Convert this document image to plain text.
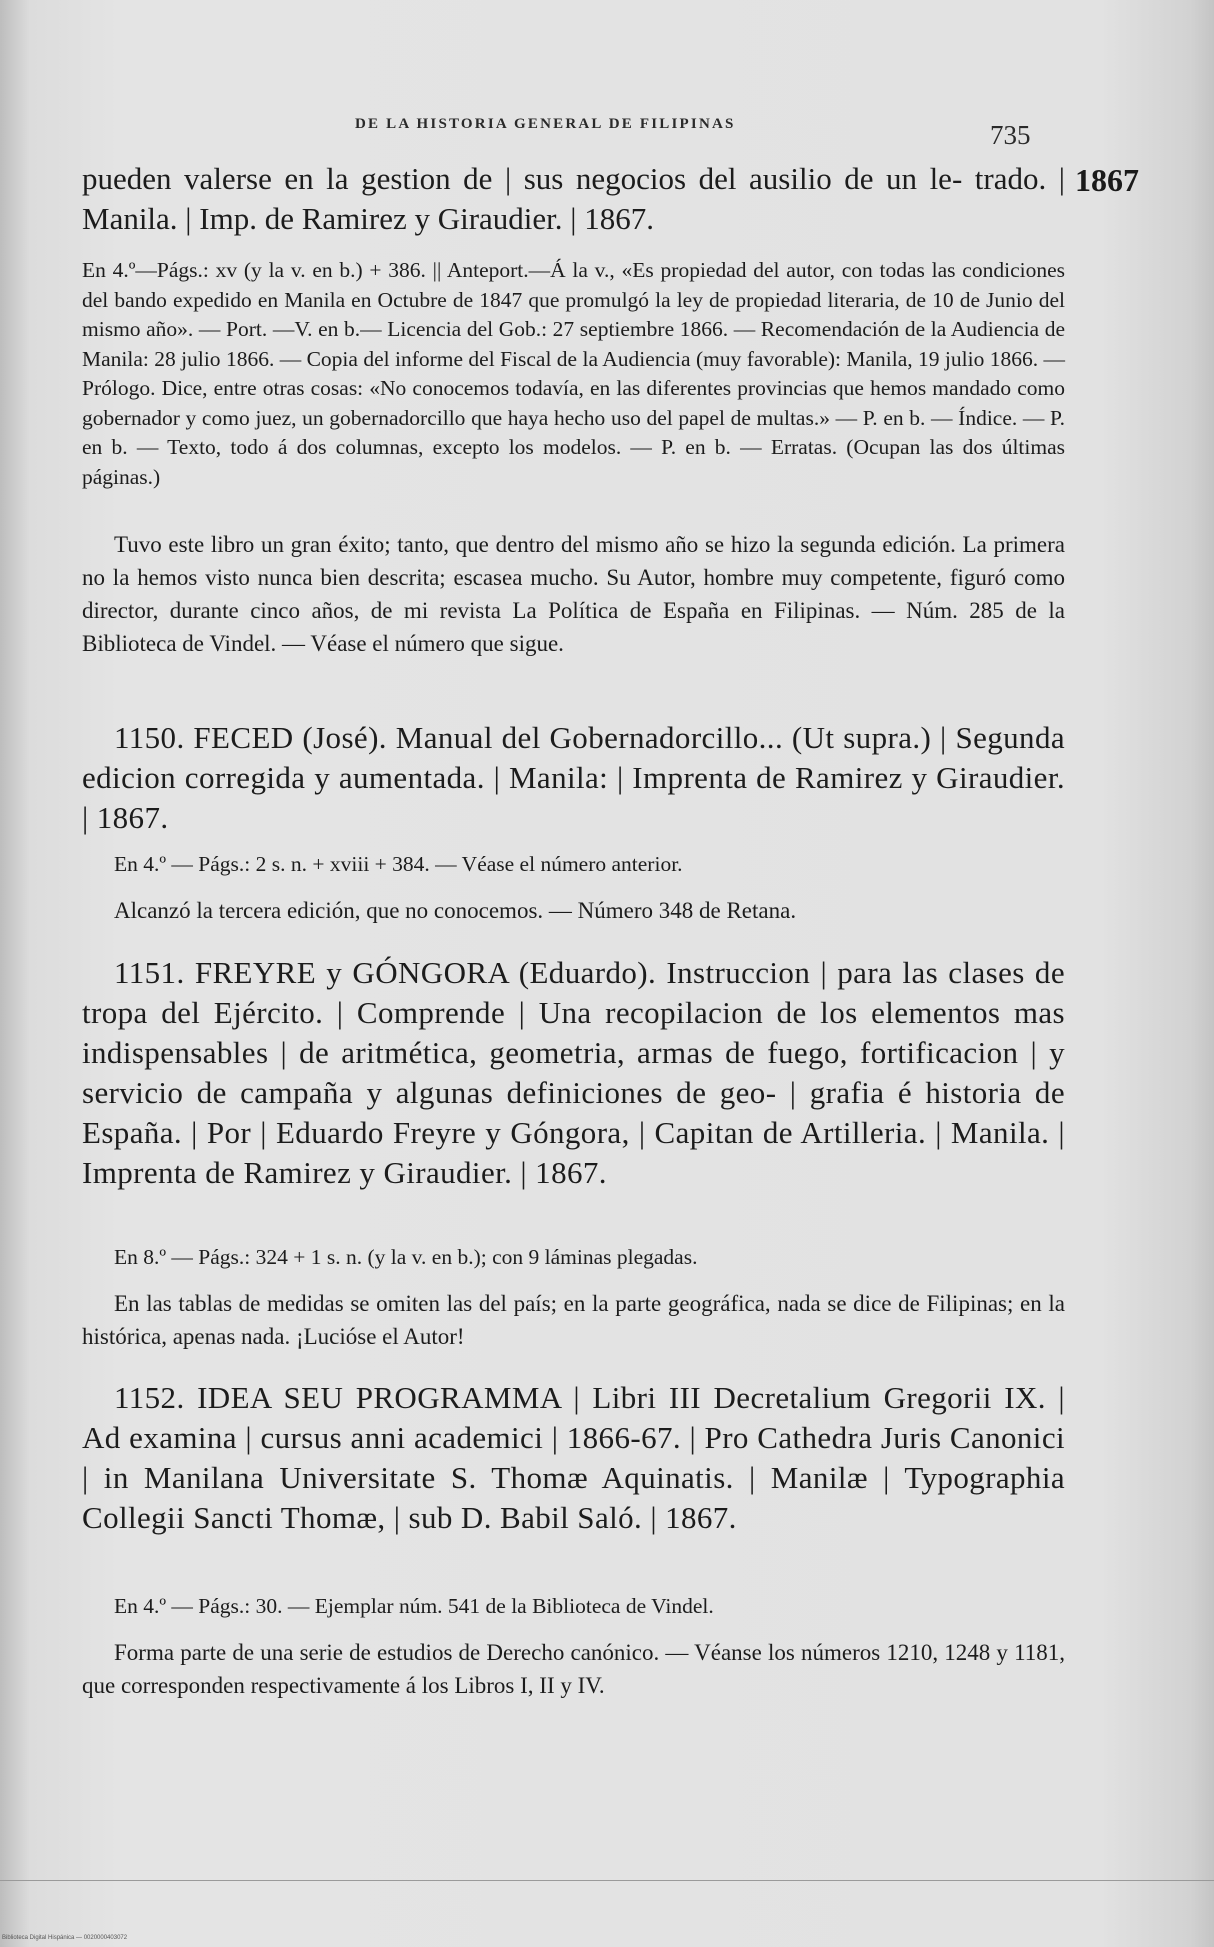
DE LA HISTORIA GENERAL DE FILIPINAS	735
1867
pueden valerse en la gestion de | sus negocios del ausilio de un le- trado. | Manila. | Imp. de Ramirez y Giraudier. | 1867.
En 4.º—Págs.: xv (y la v. en b.) + 386. || Anteport.—Á la v., «Es propiedad del autor, con todas las condiciones del bando expedido en Manila en Octubre de 1847 que promulgó la ley de propiedad literaria, de 10 de Junio del mismo año». — Port. —V. en b.— Licencia del Gob.: 27 septiembre 1866. — Recomendación de la Audiencia de Manila: 28 julio 1866. — Copia del informe del Fiscal de la Audiencia (muy favorable): Manila, 19 julio 1866. — Prólogo. Dice, entre otras cosas: «No conocemos todavía, en las diferentes provincias que hemos mandado como gobernador y como juez, un gobernadorcillo que haya hecho uso del papel de multas.» — P. en b. — Índice. — P. en b. — Texto, todo á dos columnas, excepto los modelos. — P. en b. — Erratas. (Ocupan las dos últimas páginas.)
Tuvo este libro un gran éxito; tanto, que dentro del mismo año se hizo la segunda edición. La primera no la hemos visto nunca bien descrita; escasea mucho. Su Autor, hombre muy competente, figuró como director, durante cinco años, de mi revista La Política de España en Filipinas. — Núm. 285 de la Biblioteca de Vindel. — Véase el número que sigue.
1150. FECED (José). Manual del Gobernadorcillo... (Ut supra.) | Segunda edicion corregida y aumentada. | Manila: | Imprenta de Ramirez y Giraudier. | 1867.
En 4.º — Págs.: 2 s. n. + xviii + 384. — Véase el número anterior.
Alcanzó la tercera edición, que no conocemos. — Número 348 de Retana.
1151. FREYRE y GÓNGORA (Eduardo). Instruccion | para las clases de tropa del Ejército. | Comprende | Una recopilacion de los elementos mas indispensables | de aritmética, geometria, armas de fuego, fortificacion | y servicio de campaña y algunas definiciones de geo- | grafia é historia de España. | Por | Eduardo Freyre y Góngora, | Capitan de Artilleria. | Manila. | Imprenta de Ramirez y Giraudier. | 1867.
En 8.º — Págs.: 324 + 1 s. n. (y la v. en b.); con 9 láminas plegadas.
En las tablas de medidas se omiten las del país; en la parte geográfica, nada se dice de Filipinas; en la histórica, apenas nada. ¡Lucióse el Autor!
1152. IDEA SEU PROGRAMMA | Libri III Decretalium Gregorii IX. | Ad examina | cursus anni academici | 1866-67. | Pro Cathedra Juris Canonici | in Manilana Universitate S. Thomæ Aquinatis. | Manilæ | Typographia Collegii Sancti Thomæ, | sub D. Babil Saló. | 1867.
En 4.º — Págs.: 30. — Ejemplar núm. 541 de la Biblioteca de Vindel.
Forma parte de una serie de estudios de Derecho canónico. — Véanse los números 1210, 1248 y 1181, que corresponden respectivamente á los Libros I, II y IV.
Biblioteca Digital Hispánica — 0020000403072
